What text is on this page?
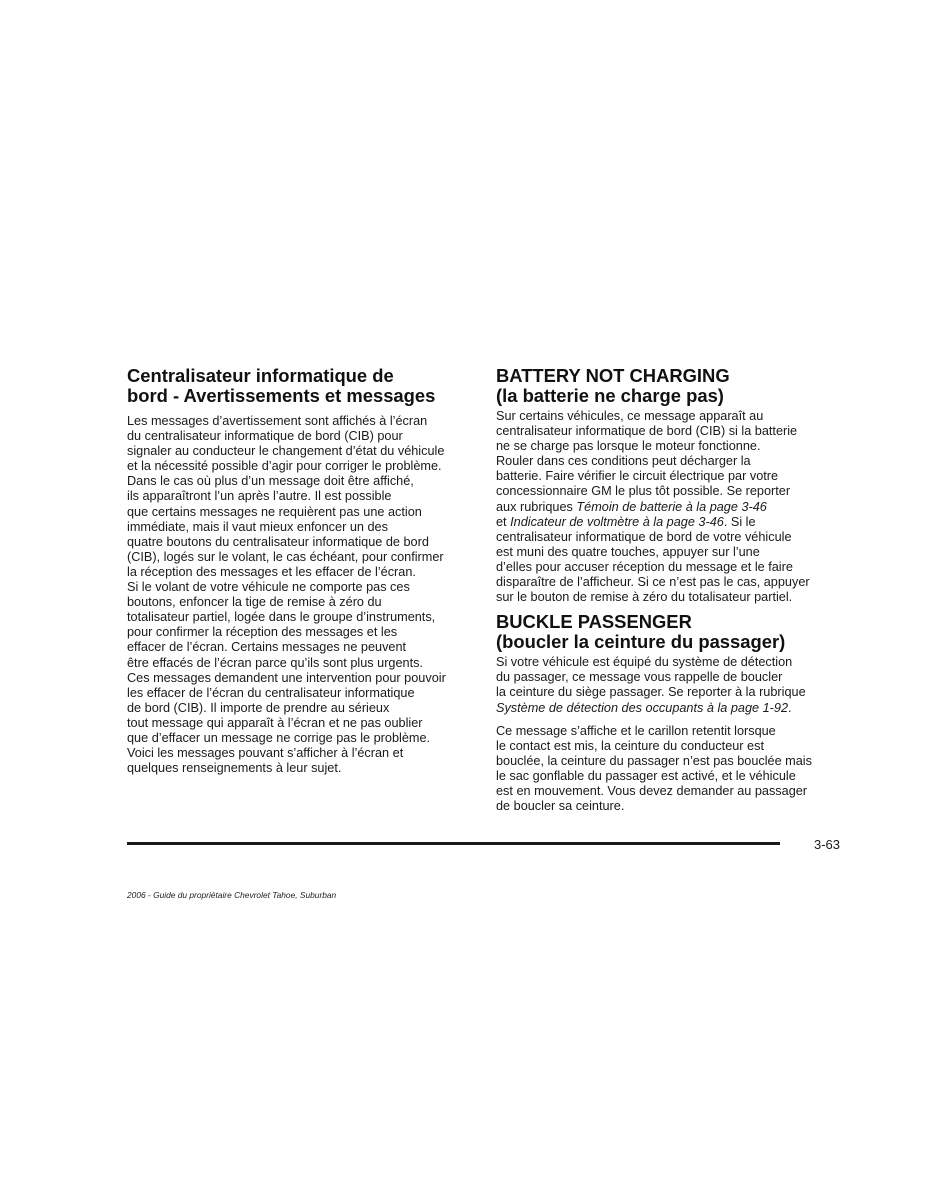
Centralisateur informatique de
bord - Avertissements et messages

Les messages d’avertissement sont affichés à l’écran
du centralisateur informatique de bord (CIB) pour
signaler au conducteur le changement d’état du véhicule
et la nécessité possible d’agir pour corriger le problème.
Dans le cas où plus d’un message doit être affiché,
ils apparaîtront l’un après l’autre. Il est possible
que certains messages ne requièrent pas une action
immédiate, mais il vaut mieux enfoncer un des
quatre boutons du centralisateur informatique de bord
(CIB), logés sur le volant, le cas échéant, pour confirmer
la réception des messages et les effacer de l’écran.
Si le volant de votre véhicule ne comporte pas ces
boutons, enfoncer la tige de remise à zéro du
totalisateur partiel, logée dans le groupe d’instruments,
pour confirmer la réception des messages et les
effacer de l’écran. Certains messages ne peuvent
être effacés de l’écran parce qu’ils sont plus urgents.
Ces messages demandent une intervention pour pouvoir
les effacer de l’écran du centralisateur informatique
de bord (CIB). Il importe de prendre au sérieux
tout message qui apparaît à l’écran et ne pas oublier
que d’effacer un message ne corrige pas le problème.
Voici les messages pouvant s’afficher à l’écran et
quelques renseignements à leur sujet.

BATTERY NOT CHARGING
(la batterie ne charge pas)

Sur certains véhicules, ce message apparaît au
centralisateur informatique de bord (CIB) si la batterie
ne se charge pas lorsque le moteur fonctionne.
Rouler dans ces conditions peut décharger la
batterie. Faire vérifier le circuit électrique par votre
concessionnaire GM le plus tôt possible. Se reporter
aux rubriques Témoin de batterie à la page 3-46
et Indicateur de voltmètre à la page 3-46. Si le
centralisateur informatique de bord de votre véhicule
est muni des quatre touches, appuyer sur l’une
d’elles pour accuser réception du message et le faire
disparaître de l’afficheur. Si ce n’est pas le cas, appuyer
sur le bouton de remise à zéro du totalisateur partiel.

BUCKLE PASSENGER
(boucler la ceinture du passager)

Si votre véhicule est équipé du système de détection
du passager, ce message vous rappelle de boucler
la ceinture du siège passager. Se reporter à la rubrique
Système de détection des occupants à la page 1-92.

Ce message s’affiche et le carillon retentit lorsque
le contact est mis, la ceinture du conducteur est
bouclée, la ceinture du passager n’est pas bouclée mais
le sac gonflable du passager est activé, et le véhicule
est en mouvement. Vous devez demander au passager
de boucler sa ceinture.

3-63
2006 - Guide du propriétaire Chevrolet Tahoe, Suburban
